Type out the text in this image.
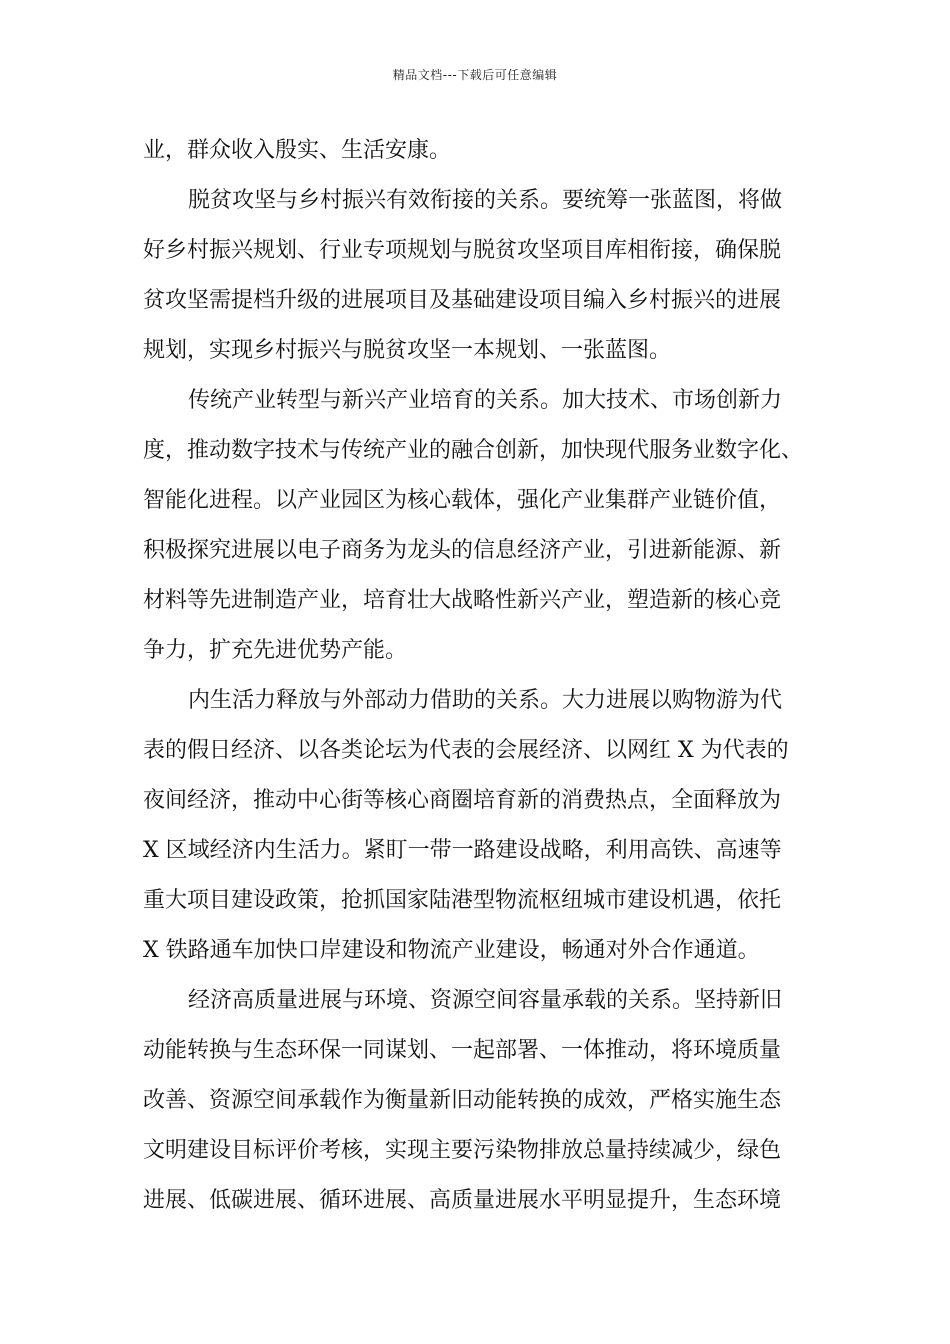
精品文档---下载后可任意编辑
业，群众收入殷实、生活安康。
脱贫攻坚与乡村振兴有效衔接的关系。要统筹一张蓝图，将做
好乡村振兴规划、行业专项规划与脱贫攻坚项目库相衔接，确保脱
贫攻坚需提档升级的进展项目及基础建设项目编入乡村振兴的进展
规划，实现乡村振兴与脱贫攻坚一本规划、一张蓝图。
传统产业转型与新兴产业培育的关系。加大技术、市场创新力
度，推动数字技术与传统产业的融合创新，加快现代服务业数字化、
智能化进程。以产业园区为核心载体，强化产业集群产业链价值，
积极探究进展以电子商务为龙头的信息经济产业，引进新能源、新
材料等先进制造产业，培育壮大战略性新兴产业，塑造新的核心竞
争力，扩充先进优势产能。
内生活力释放与外部动力借助的关系。大力进展以购物游为代
表的假日经济、以各类论坛为代表的会展经济、以网红 X 为代表的
夜间经济，推动中心街等核心商圈培育新的消费热点，全面释放为
X 区域经济内生活力。紧盯一带一路建设战略，利用高铁、高速等
重大项目建设政策，抢抓国家陆港型物流枢纽城市建设机遇，依托
X 铁路通车加快口岸建设和物流产业建设，畅通对外合作通道。
经济高质量进展与环境、资源空间容量承载的关系。坚持新旧
动能转换与生态环保一同谋划、一起部署、一体推动，将环境质量
改善、资源空间承载作为衡量新旧动能转换的成效，严格实施生态
文明建设目标评价考核，实现主要污染物排放总量持续减少，绿色
进展、低碳进展、循环进展、高质量进展水平明显提升，生态环境
